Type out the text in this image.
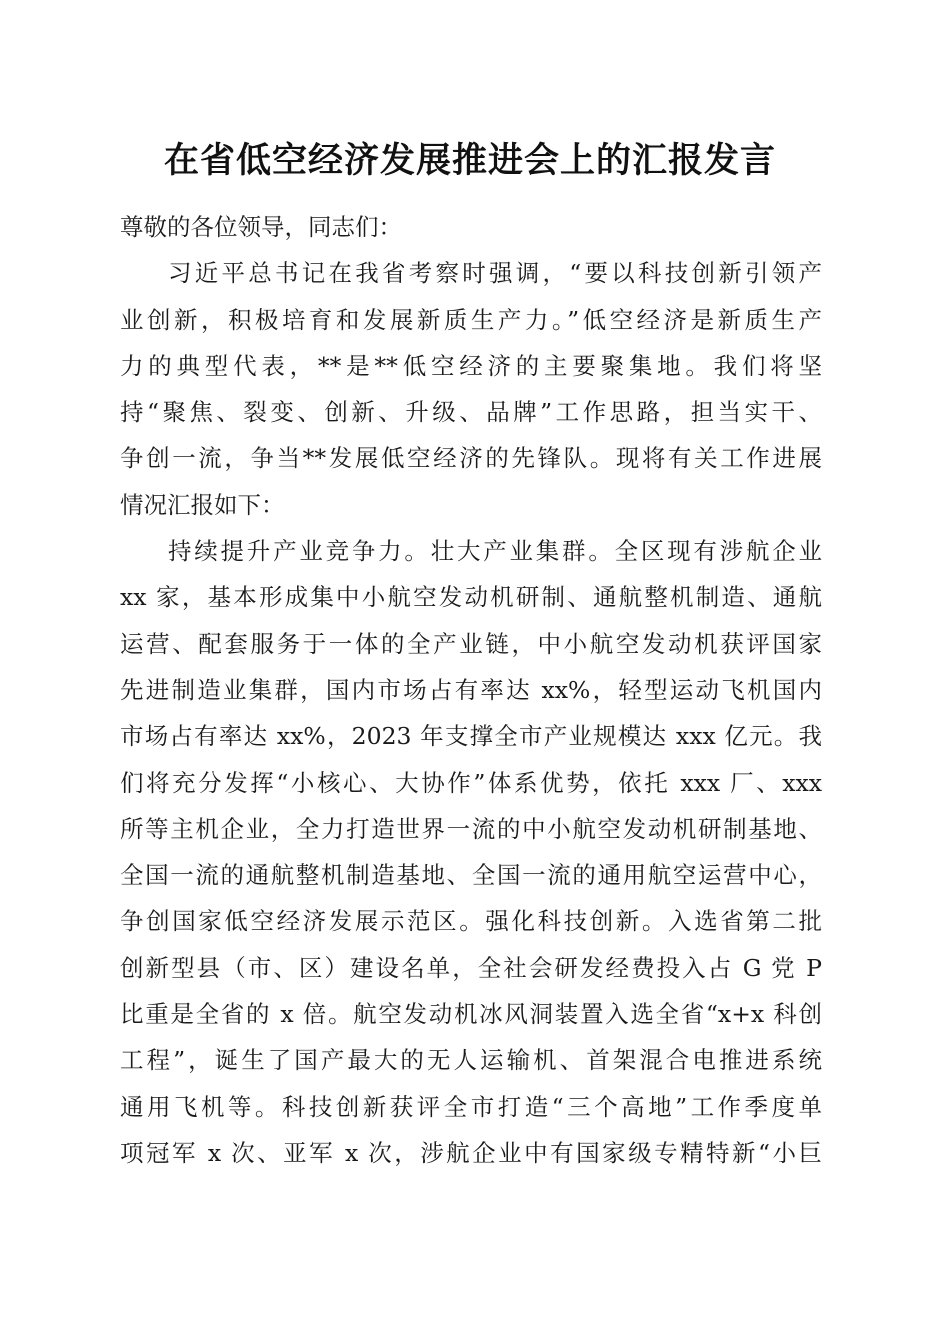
在省低空经济发展推进会上的汇报发言
尊敬的各位领导，同志们：
习近平总书记在我省考察时强调，“要以科技创新引领产
业创新，积极培育和发展新质生产力。”低空经济是新质生产
力的典型代表，**是**低空经济的主要聚集地。我们将坚
持“聚焦、裂变、创新、升级、品牌”工作思路，担当实干、
争创一流，争当**发展低空经济的先锋队。现将有关工作进展
情况汇报如下：
持续提升产业竞争力。壮大产业集群。全区现有涉航企业
xx 家，基本形成集中小航空发动机研制、通航整机制造、通航
运营、配套服务于一体的全产业链，中小航空发动机获评国家
先进制造业集群，国内市场占有率达 xx%，轻型运动飞机国内
市场占有率达 xx%，2023 年支撑全市产业规模达 xxx 亿元。我
们将充分发挥“小核心、大协作”体系优势，依托 xxx 厂、xxx
所等主机企业，全力打造世界一流的中小航空发动机研制基地、
全国一流的通航整机制造基地、全国一流的通用航空运营中心，
争创国家低空经济发展示范区。强化科技创新。入选省第二批
创新型县（市、区）建设名单，全社会研发经费投入占 G 党 P
比重是全省的 x 倍。航空发动机冰风洞装置入选全省“x+x 科创
工程”，诞生了国产最大的无人运输机、首架混合电推进系统
通用飞机等。科技创新获评全市打造“三个高地”工作季度单
项冠军 x 次、亚军 x 次，涉航企业中有国家级专精特新“小巨
